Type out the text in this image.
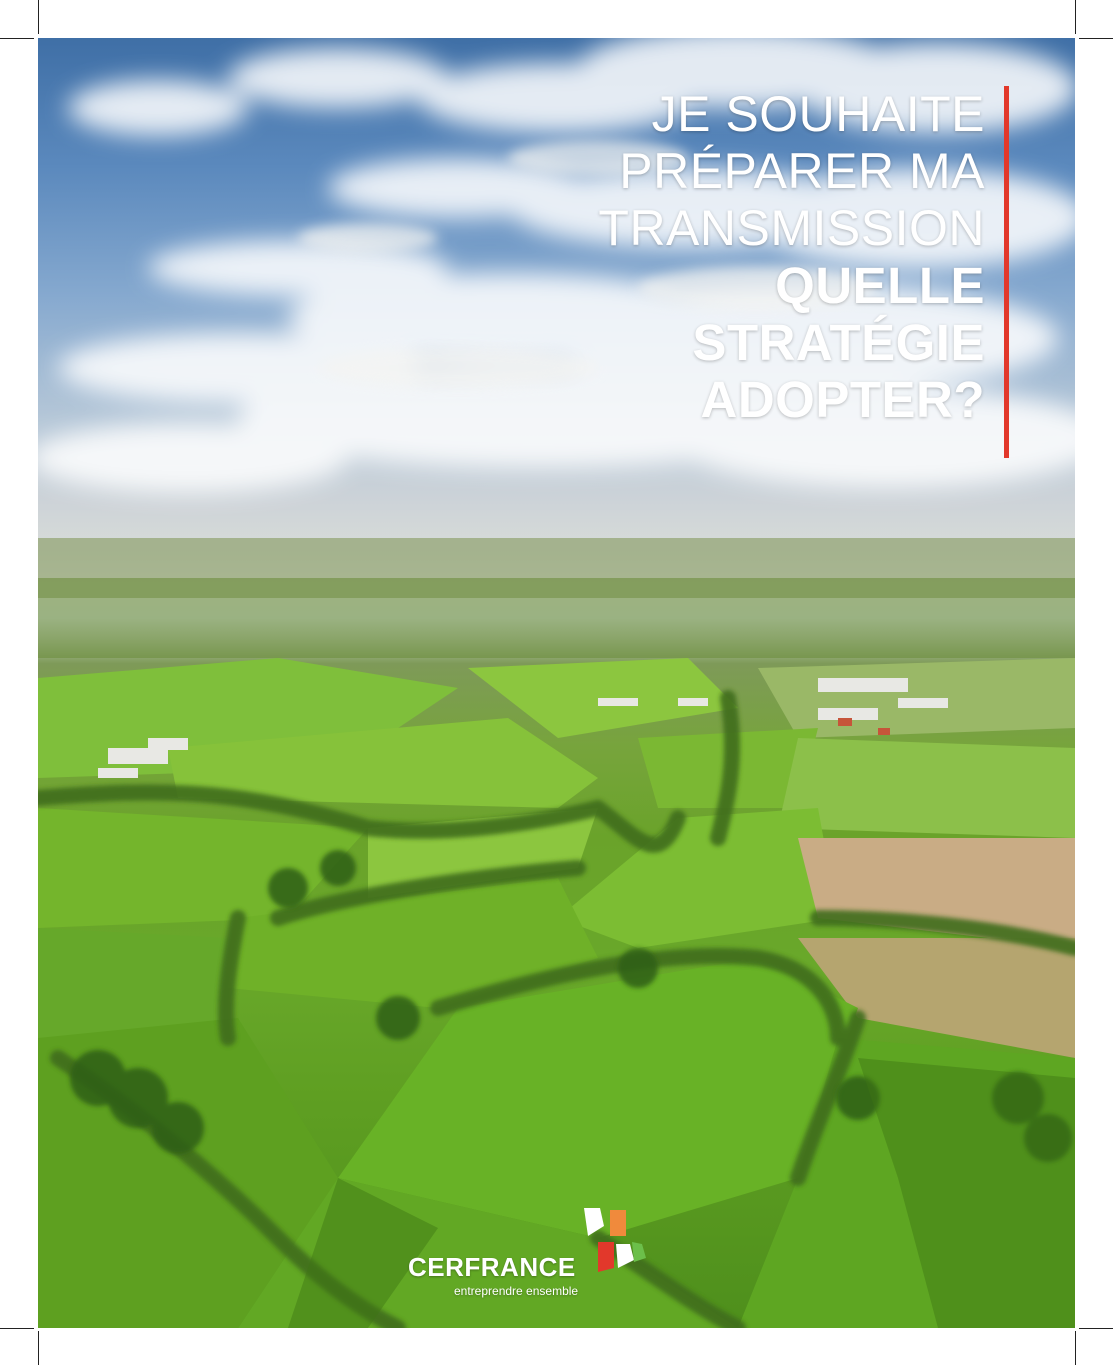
JE SOUHAITE
PRÉPARER MA
TRANSMISSION
QUELLE
STRATÉGIE
ADOPTER?
CERFRANCE
entreprendre ensemble
